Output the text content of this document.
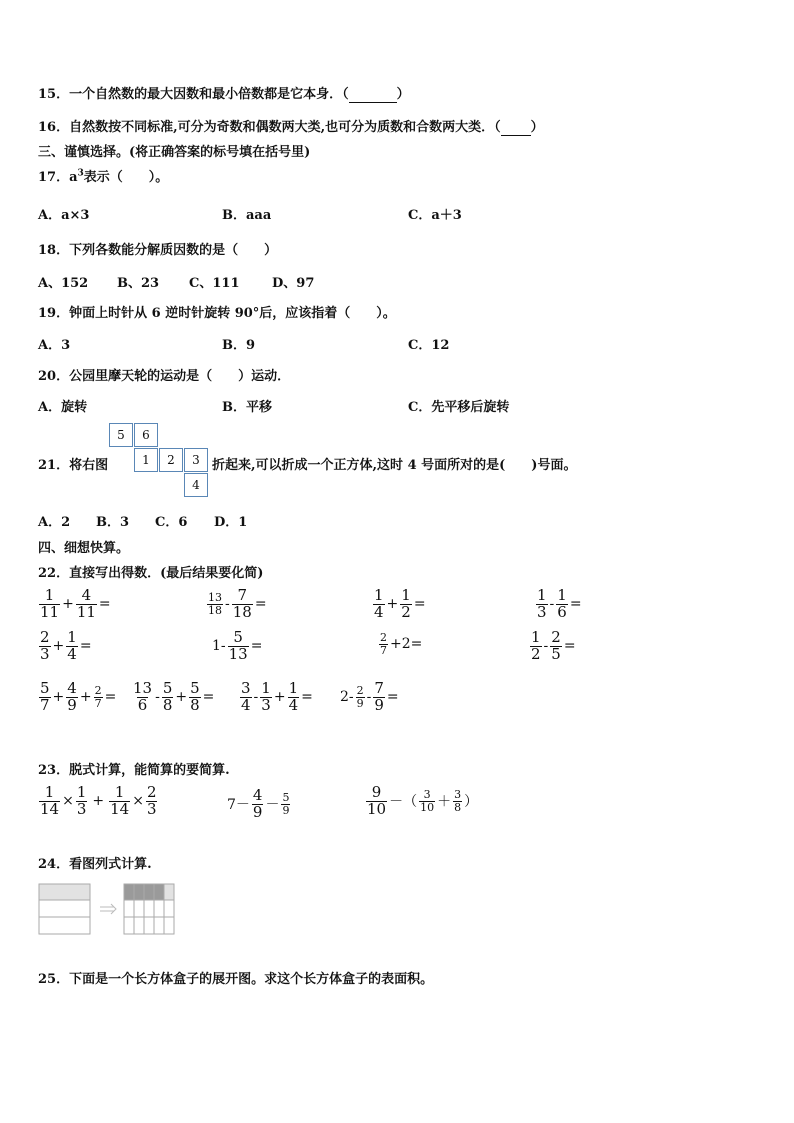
15．一个自然数的最大因数和最小倍数都是它本身．（	）
16．自然数按不同标准,可分为奇数和偶数两大类,也可分为质数和合数两大类．（ ）
三、谨慎选择。(将正确答案的标号填在括号里)
17．$a^3$表示（　　）。
A．a×3	B．aaa	C．a＋3
18．下列各数能分解质因数的是（　　）
A、152 B、23 C、111	D、97
19．钟面上时针从 6 逆时针旋转 90°后，应该指着（　　）。
A．3	B．9	C．12
20．公园里摩天轮的运动是（　　）运动．
A．旋转	B．平移	C．先平移后旋转
21．将右图
5	6
1	2	3
4
折起来,可以折成一个正方体,这时 4 号面所对的是(　　)号面。
A．2 B．3 C．6 D．1
四、细想快算。
22．直接写出得数．(最后结果要化简)
$\frac{1}{11} + \frac{4}{11}$ =	$\frac{13}{18} - \frac{7}{18}$ =	$\frac{1}{4} + \frac{1}{2}$ =	$\frac{1}{3} - \frac{1}{6}$ =
$\frac{2}{3} + \frac{1}{4}$ =	$1- \frac{5}{13}$ =	$\frac{2}{7} +2=$	$\frac{1}{2} - \frac{2}{5}$ =
$\frac{5}{7} + \frac{4}{9} + \frac{2}{7} = \frac{13}{6} - \frac{5}{8} + \frac{5}{8} = \frac{3}{4} - \frac{1}{3} + \frac{1}{4} = 2- \frac{2}{9} - \frac{7}{9}$ =
23．脱式计算，能简算的要简算.
$\frac{1}{14} \times \frac{1}{3} + \frac{1}{14} \times \frac{2}{3}$	$7- \frac{4}{9} - \frac{5}{9}$	$\frac{9}{10}$ －（ $\frac{3}{10} + \frac{3}{8}$ ）
24．看图列式计算.
25．下面是一个长方体盒子的展开图。求这个长方体盒子的表面积。
